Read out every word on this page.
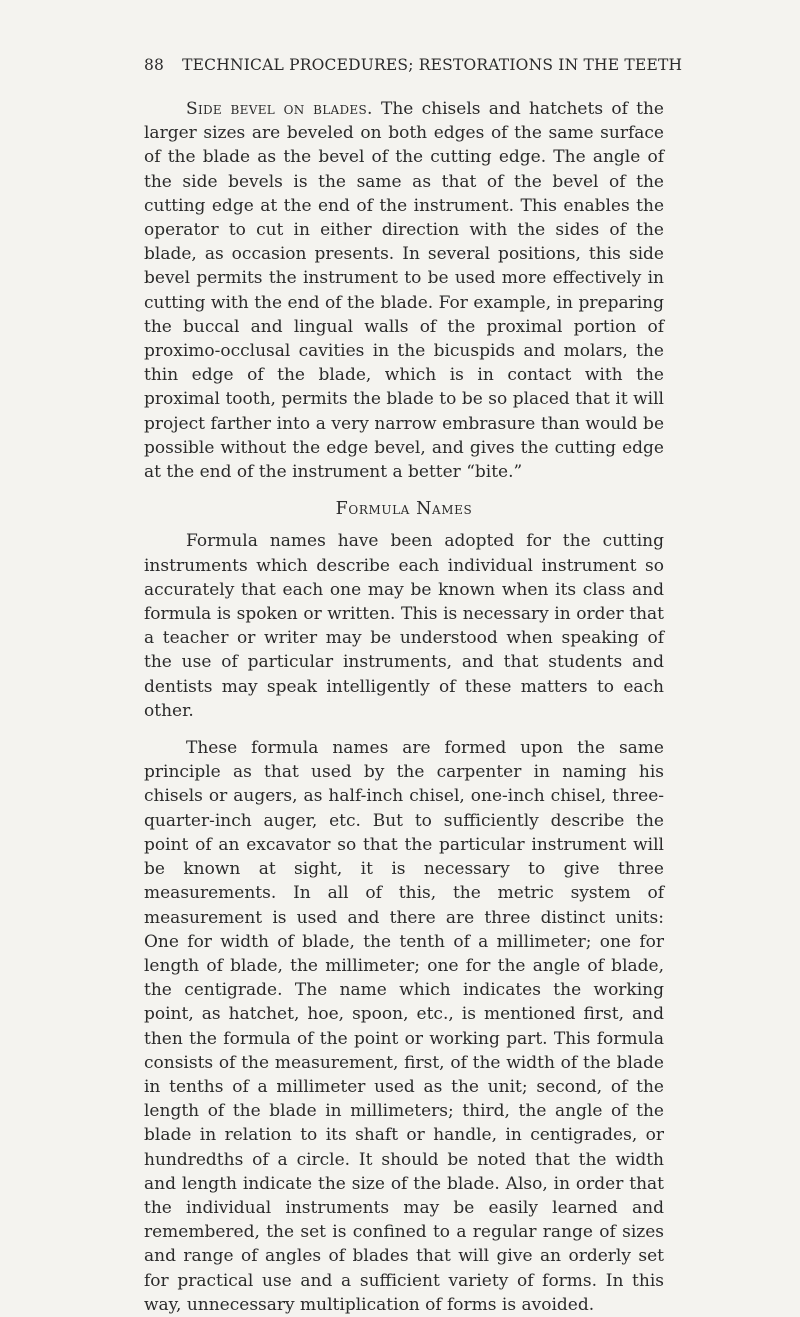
88 TECHNICAL PROCEDURES; RESTORATIONS IN THE TEETH

Side bevel on blades. The chisels and hatchets of the larger sizes are beveled on both edges of the same surface of the blade as the bevel of the cutting edge. The angle of the side bevels is the same as that of the bevel of the cutting edge at the end of the instrument. This enables the operator to cut in either direction with the sides of the blade, as occasion presents. In several positions, this side bevel permits the instrument to be used more effectively in cutting with the end of the blade. For example, in preparing the buccal and lingual walls of the proximal portion of proximo-occlusal cavities in the bicuspids and molars, the thin edge of the blade, which is in contact with the proximal tooth, permits the blade to be so placed that it will project farther into a very narrow embrasure than would be possible without the edge bevel, and gives the cutting edge at the end of the instrument a better “bite.”

Formula Names

Formula names have been adopted for the cutting instruments which describe each individual instrument so accurately that each one may be known when its class and formula is spoken or written. This is necessary in order that a teacher or writer may be understood when speaking of the use of particular instruments, and that students and dentists may speak intelligently of these matters to each other.

These formula names are formed upon the same principle as that used by the carpenter in naming his chisels or augers, as half-inch chisel, one-inch chisel, three-quarter-inch auger, etc. But to sufficiently describe the point of an excavator so that the particular instrument will be known at sight, it is necessary to give three measurements. In all of this, the metric system of measurement is used and there are three distinct units: One for width of blade, the tenth of a millimeter; one for length of blade, the millimeter; one for the angle of blade, the centigrade. The name which indicates the working point, as hatchet, hoe, spoon, etc., is mentioned first, and then the formula of the point or working part. This formula consists of the measurement, first, of the width of the blade in tenths of a millimeter used as the unit; second, of the length of the blade in millimeters; third, the angle of the blade in relation to its shaft or handle, in centigrades, or hundredths of a circle. It should be noted that the width and length indicate the size of the blade. Also, in order that the individual instruments may be easily learned and remembered, the set is confined to a regular range of sizes and range of angles of blades that will give an orderly set for practical use and a sufficient variety of forms. In this way, unnecessary multiplication of forms is avoided.
